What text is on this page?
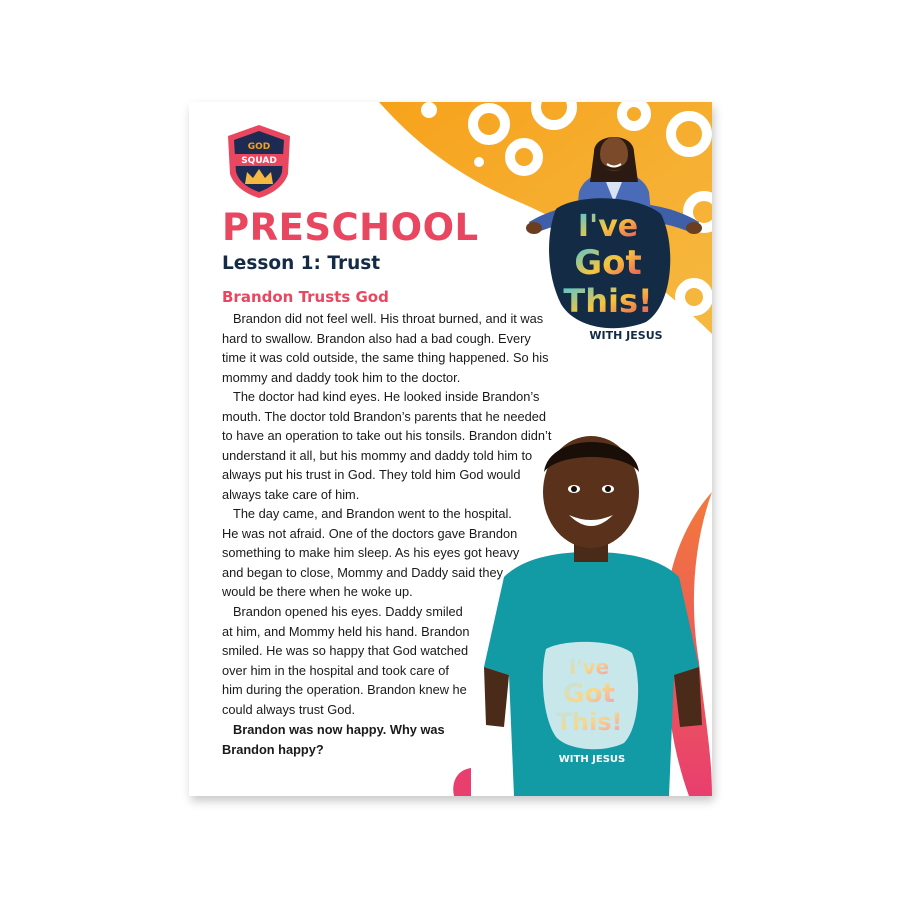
GOD
SQUAD
PRESCHOOL
Lesson 1: Trust
Brandon Trusts God

Brandon did not feel well. His throat burned, and it was hard to swallow. Brandon also had a bad cough. Every time it was cold outside, the same thing happened. So his mommy and daddy took him to the doctor.

The doctor had kind eyes. He looked inside Brandon’s mouth. The doctor told Brandon’s parents that he needed to have an operation to take out his tonsils. Brandon didn’t understand it all, but his mommy and daddy told him to always put his trust in God. They told him God would always take care of him.

The day came, and Brandon went to the hospital. He was not afraid. One of the doctors gave Brandon something to make him sleep. As his eyes got heavy and began to close, Mommy and Daddy said they would be there when he woke up.

Brandon opened his eyes. Daddy smiled at him, and Mommy held his hand. Brandon smiled. He was so happy that God watched over him in the hospital and took care of him during the operation. Brandon knew he could always trust God.

Brandon was now happy. Why was Brandon happy?

I've
Got
This!
WITH JESUS
I've
Got
This!
WITH JESUS
